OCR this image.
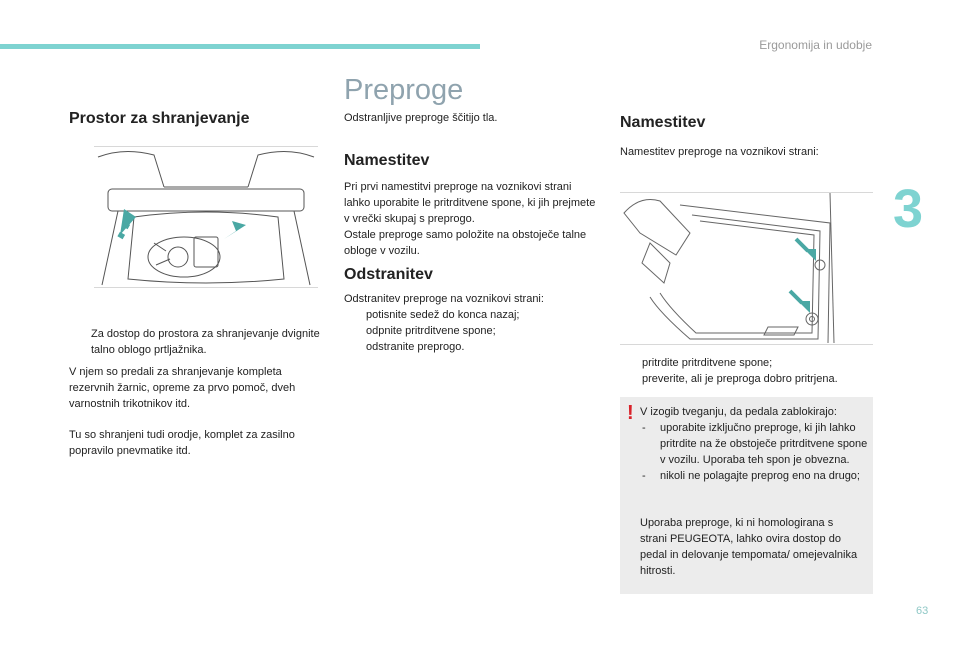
Ergonomija in udobje
3
63
Prostor za shranjevanje
Za dostop do prostora za shranjevanje dvignite talno oblogo prtljažnika.

V njem so predali za shranjevanje kompleta rezervnih žarnic, opreme za prvo pomoč, dveh varnostnih trikotnikov itd.

Tu so shranjeni tudi orodje, komplet za zasilno popravilo pnevmatike itd.

Preproge

Odstranljive preproge ščitijo tla.

Namestitev

Pri prvi namestitvi preproge na voznikovi strani lahko uporabite le pritrditvene spone, ki jih prejmete v vrečki skupaj s preprogo.
Ostale preproge samo položite na obstoječe talne obloge v vozilu.

Odstranitev

Odstranitev preproge na voznikovi strani:

potisnite sedež do konca nazaj;
odpnite pritrditvene spone;
odstranite preprogo.
Namestitev

Namestitev preproge na voznikovi strani:

pritrdite pritrditvene spone;
preverite, ali je preproga dobro pritrjena.
! V izogib tveganju, da pedala zablokirajo:

- uporabite izključno preproge, ki jih lahko pritrdite na že obstoječe pritrditvene spone v vozilu. Uporaba teh spon je obvezna.
- nikoli ne polagajte preprog eno na drugo;

Uporaba preproge, ki ni homologirana s strani PEUGEOTA, lahko ovira dostop do pedal in delovanje tempomata/ omejevalnika hitrosti.
